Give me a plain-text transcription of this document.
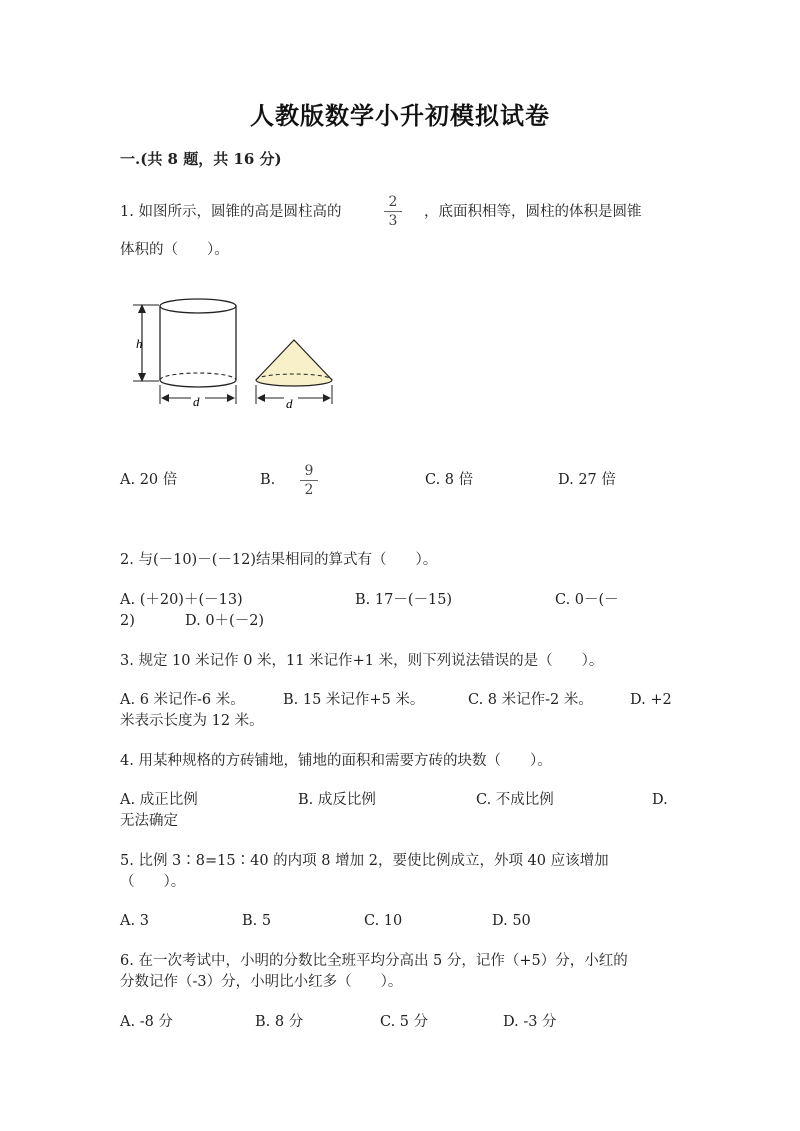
人教版数学小升初模拟试卷
一.(共 8 题，共 16 分)
1. 如图所示，圆锥的高是圆柱高的
2
3
，底面积相等，圆柱的体积是圆锥
体积的（　　）。
h
d	d
A. 20 倍	B.
9
2
C. 8 倍	D. 27 倍
2. 与(－10)－(－12)结果相同的算式有（　　）。
A. (＋20)＋(－13)	B. 17－(－15)	C. 0－(－
2)	D. 0＋(－2)
3. 规定 10 米记作 0 米，11 米记作+1 米，则下列说法错误的是（　　）。
A. 6 米记作-6 米。	B. 15 米记作+5 米。	C. 8 米记作-2 米。	D. +2
米表示长度为 12 米。
4. 用某种规格的方砖铺地，铺地的面积和需要方砖的块数（　　）。
A. 成正比例	B. 成反比例	C. 不成比例	D.
无法确定
5. 比例 3∶8=15∶40 的内项 8 增加 2，要使比例成立，外项 40 应该增加
（　　）。
A. 3	B. 5	C. 10	D. 50
6. 在一次考试中，小明的分数比全班平均分高出 5 分，记作（+5）分，小红的
分数记作（-3）分，小明比小红多（　　）。
A. -8 分	B. 8 分	C. 5 分	D. -3 分
